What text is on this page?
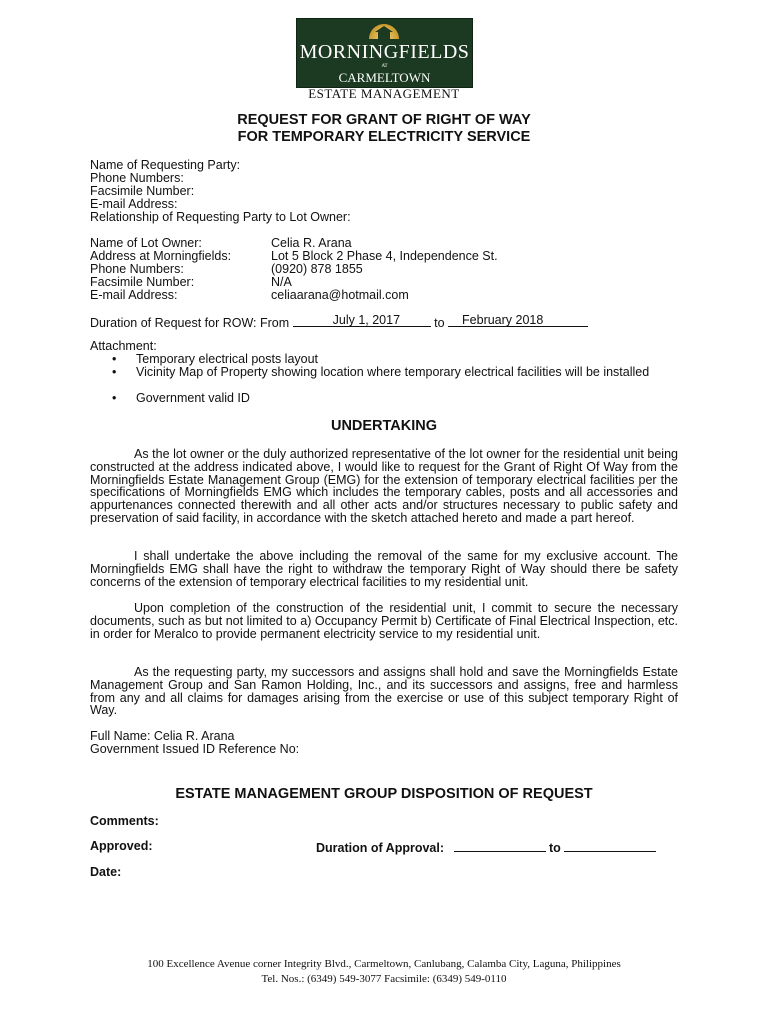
MORNINGFIELDS
AT
CARMELTOWN
ESTATE MANAGEMENT
REQUEST FOR GRANT OF RIGHT OF WAY
FOR TEMPORARY ELECTRICITY SERVICE
Name of Requesting Party:
Phone Numbers:
Facsimile Number:
E-mail Address:
Relationship of Requesting Party to Lot Owner:
Name of Lot Owner:	Celia R. Arana
Address at Morningfields:	Lot 5 Block 2 Phase 4, Independence St.
Phone Numbers:	(0920) 878 1855
Facsimile Number:	N/A
E-mail Address:	celiaarana@hotmail.com
Duration of Request for ROW: From	July 1, 2017	to February 2018
Attachment:
• Temporary electrical posts layout
• Vicinity Map of Property showing location where temporary electrical facilities will be installed
• Government valid ID
UNDERTAKING
As the lot owner or the duly authorized representative of the lot owner for the residential unit being constructed at the address indicated above, I would like to request for the Grant of Right Of Way from the Morningfields Estate Management Group (EMG) for the extension of temporary electrical facilities per the specifications of Morningfields EMG which includes the temporary cables, posts and all accessories and appurtenances connected therewith and all other acts and/or structures necessary to public safety and preservation of said facility, in accordance with the sketch attached hereto and made a part hereof.
I shall undertake the above including the removal of the same for my exclusive account. The Morningfields EMG shall have the right to withdraw the temporary Right of Way should there be safety concerns of the extension of temporary electrical facilities to my residential unit.
Upon completion of the construction of the residential unit, I commit to secure the necessary documents, such as but not limited to a) Occupancy Permit b) Certificate of Final Electrical Inspection, etc. in order for Meralco to provide permanent electricity service to my residential unit.
As the requesting party, my successors and assigns shall hold and save the Morningfields Estate Management Group and San Ramon Holding, Inc., and its successors and assigns, free and harmless from any and all claims for damages arising from the exercise or use of this subject temporary Right of Way.
Full Name: Celia R. Arana
Government Issued ID Reference No:
ESTATE MANAGEMENT GROUP DISPOSITION OF REQUEST
Comments:
Approved:	Duration of Approval:	to
Date:
100 Excellence Avenue corner Integrity Blvd., Carmeltown, Canlubang, Calamba City, Laguna, Philippines
Tel. Nos.: (6349) 549-3077 Facsimile: (6349) 549-0110
